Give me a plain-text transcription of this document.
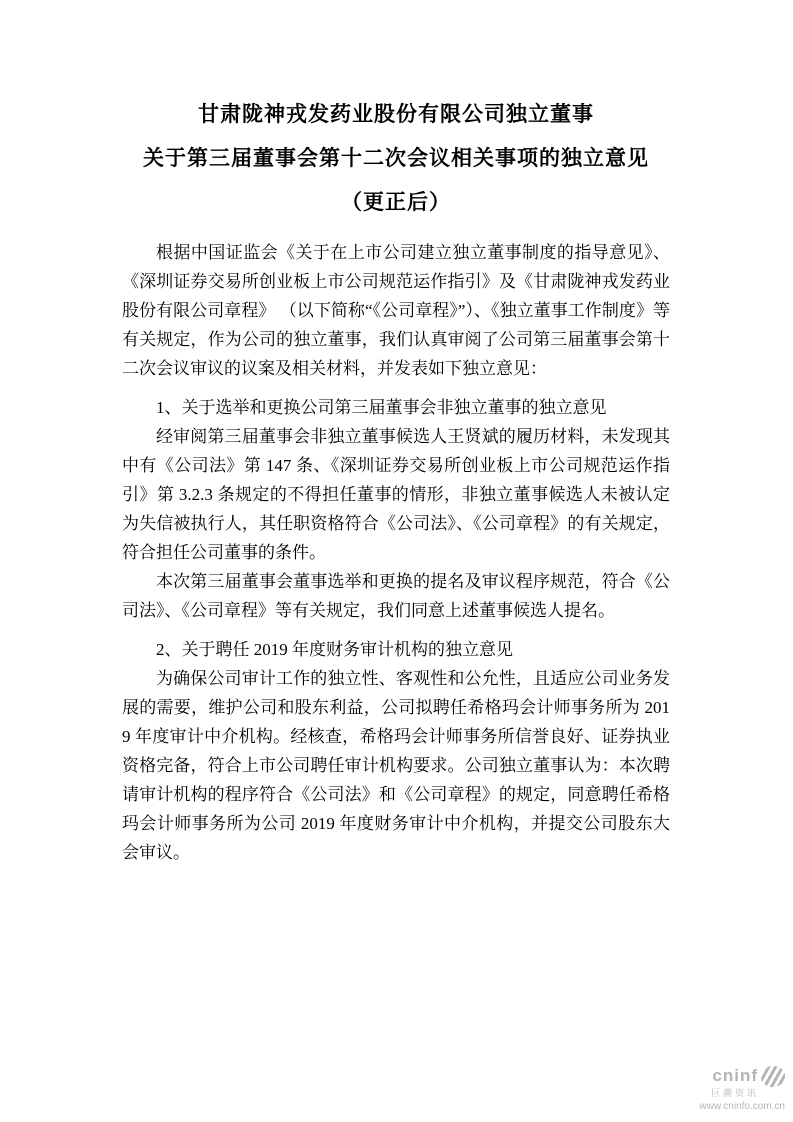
甘肃陇神戎发药业股份有限公司独立董事
关于第三届董事会第十二次会议相关事项的独立意见
（更正后）

根据中国证监会《关于在上市公司建立独立董事制度的指导意见》、《深圳证券交易所创业板上市公司规范运作指引》及《甘肃陇神戎发药业股份有限公司章程》 （以下简称“《公司章程》”）、《独立董事工作制度》等有关规定，作为公司的独立董事，我们认真审阅了公司第三届董事会第十二次会议审议的议案及相关材料，并发表如下独立意见：

1、关于选举和更换公司第三届董事会非独立董事的独立意见

经审阅第三届董事会非独立董事候选人王贤斌的履历材料，未发现其中有《公司法》第 147 条、《深圳证券交易所创业板上市公司规范运作指引》第 3.2.3 条规定的不得担任董事的情形，非独立董事候选人未被认定为失信被执行人，其任职资格符合《公司法》、《公司章程》的有关规定，符合担任公司董事的条件。

本次第三届董事会董事选举和更换的提名及审议程序规范，符合《公司法》、《公司章程》等有关规定，我们同意上述董事候选人提名。

2、关于聘任 2019 年度财务审计机构的独立意见

为确保公司审计工作的独立性、客观性和公允性，且适应公司业务发展的需要，维护公司和股东利益，公司拟聘任希格玛会计师事务所为 2019 年度审计中介机构。经核查，希格玛会计师事务所信誉良好、证券执业资格完备，符合上市公司聘任审计机构要求。公司独立董事认为：本次聘请审计机构的程序符合《公司法》和《公司章程》的规定，同意聘任希格玛会计师事务所为公司 2019 年度财务审计中介机构，并提交公司股东大会审议。

cninf
巨潮资讯
www.cninfo.com.cn
